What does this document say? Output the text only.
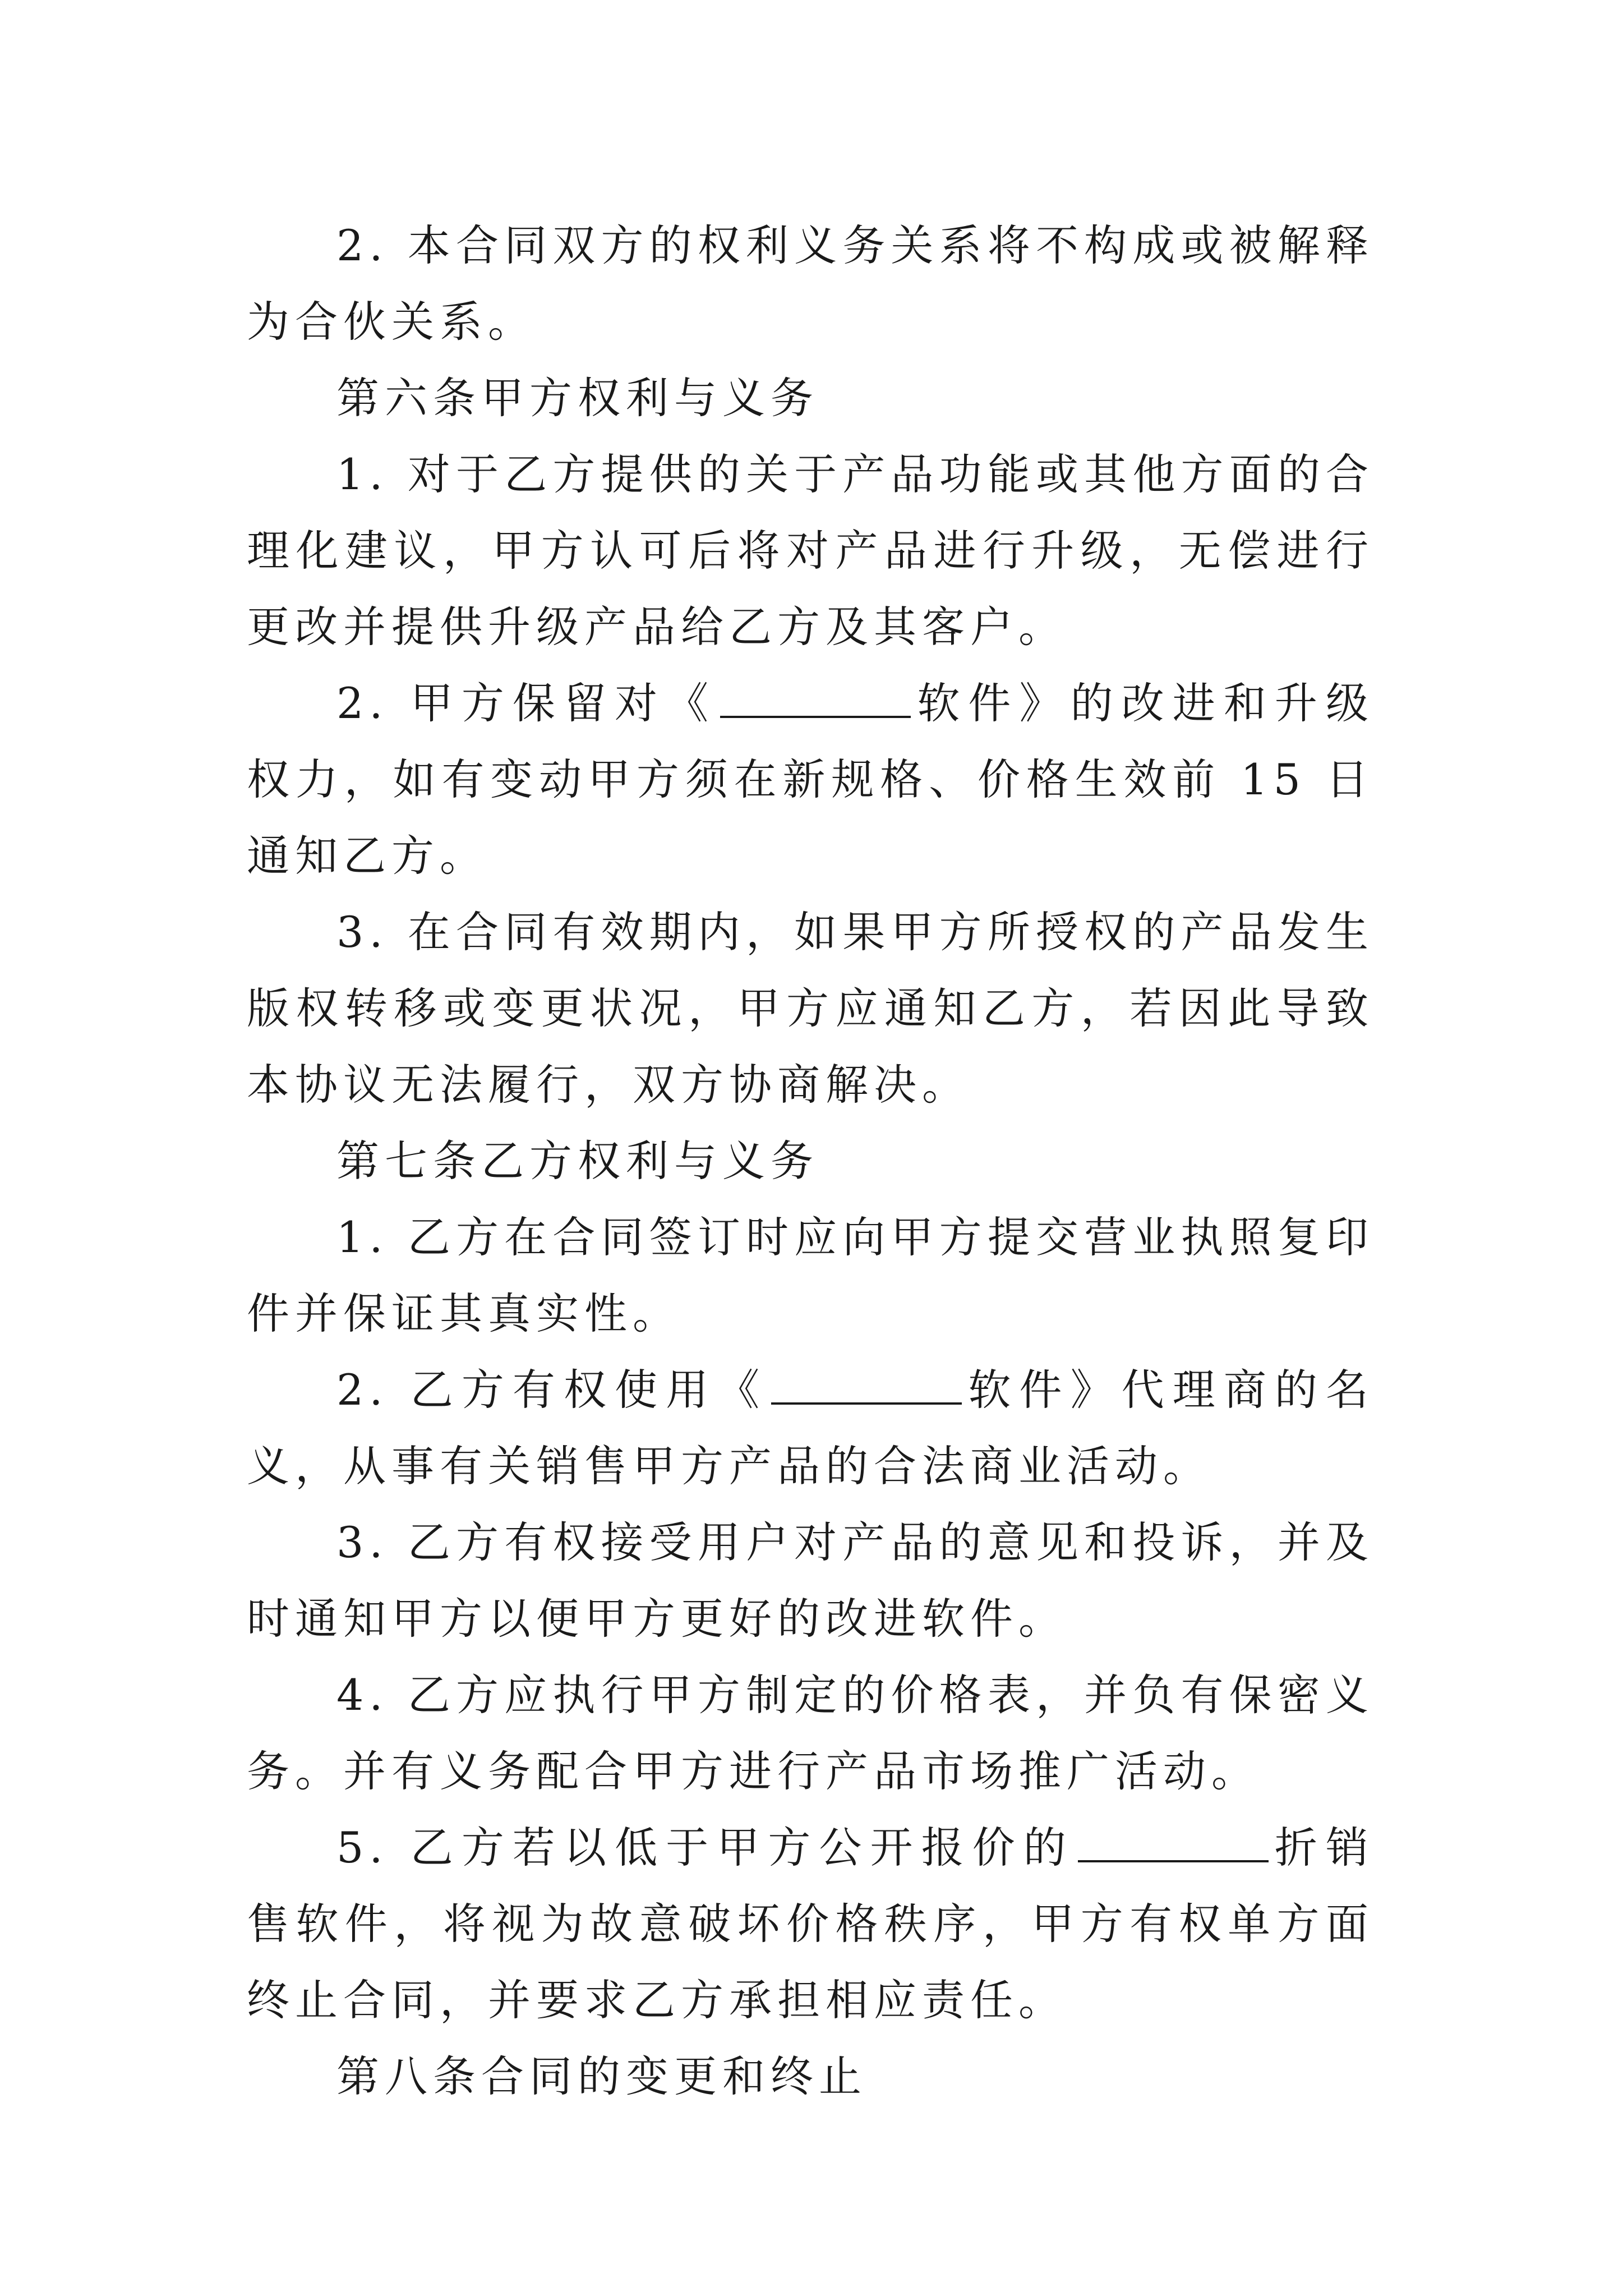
2. 本合同双方的权利义务关系将不构成或被解释为合伙关系。

第六条甲方权利与义务

1. 对于乙方提供的关于产品功能或其他方面的合理化建议，甲方认可后将对产品进行升级，无偿进行更改并提供升级产品给乙方及其客户。

2. 甲方保留对《	软件》的改进和升级权力，如有变动甲方须在新规格、价格生效前 15 日通知乙方。

3. 在合同有效期内，如果甲方所授权的产品发生版权转移或变更状况，甲方应通知乙方，若因此导致本协议无法履行，双方协商解决。

第七条乙方权利与义务

1. 乙方在合同签订时应向甲方提交营业执照复印件并保证其真实性。

2. 乙方有权使用《	软件》代理商的名义，从事有关销售甲方产品的合法商业活动。

3. 乙方有权接受用户对产品的意见和投诉，并及时通知甲方以便甲方更好的改进软件。

4. 乙方应执行甲方制定的价格表，并负有保密义务。并有义务配合甲方进行产品市场推广活动。

5. 乙方若以低于甲方公开报价的	折销售软件，将视为故意破坏价格秩序，甲方有权单方面终止合同，并要求乙方承担相应责任。

第八条合同的变更和终止
